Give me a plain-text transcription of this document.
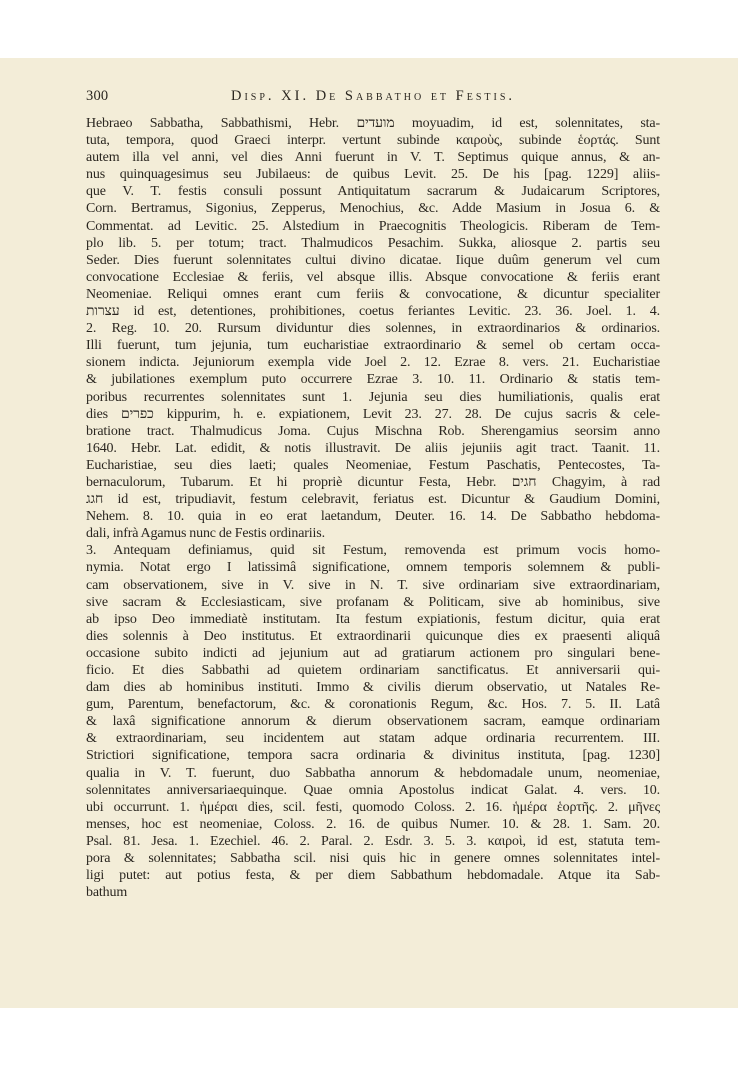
300	Disp. XI. De Sabbatho et Festis.
Hebraeo Sabbatha, Sabbathismi, Hebr. מועדים moyuadim, id est, solennitates, sta-
tuta, tempora, quod Graeci interpr. vertunt subinde καιροὺς, subinde ἑορτάς. Sunt
autem illa vel anni, vel dies Anni fuerunt in V. T. Septimus quique annus, & an-
nus quinquagesimus seu Jubilaeus: de quibus Levit. 25. De his [pag. 1229] aliis-
que V. T. festis consuli possunt Antiquitatum sacrarum & Judaicarum Scriptores,
Corn. Bertramus, Sigonius, Zepperus, Menochius, &c. Adde Masium in Josua 6. &
Commentat. ad Levitic. 25. Alstedium in Praecognitis Theologicis. Riberam de Tem-
plo lib. 5. per totum; tract. Thalmudicos Pesachim. Sukka, aliosque 2. partis seu
Seder. Dies fuerunt solennitates cultui divino dicatae. Iique duûm generum vel cum
convocatione Ecclesiae & feriis, vel absque illis. Absque convocatione & feriis erant
Neomeniae. Reliqui omnes erant cum feriis & convocatione, & dicuntur specialiter
עצרות id est, detentiones, prohibitiones, coetus feriantes Levitic. 23. 36. Joel. 1. 4.
2. Reg. 10. 20. Rursum dividuntur dies solennes, in extraordinarios & ordinarios.
Illi fuerunt, tum jejunia, tum eucharistiae extraordinario & semel ob certam occa-
sionem indicta. Jejuniorum exempla vide Joel 2. 12. Ezrae 8. vers. 21. Eucharistiae
& jubilationes exemplum puto occurrere Ezrae 3. 10. 11. Ordinario & statis tem-
poribus recurrentes solennitates sunt 1. Jejunia seu dies humiliationis, qualis erat
dies כפרים kippurim, h. e. expiationem, Levit 23. 27. 28. De cujus sacris & cele-
bratione tract. Thalmudicus Joma. Cujus Mischna Rob. Sherengamius seorsim anno
1640. Hebr. Lat. edidit, & notis illustravit. De aliis jejuniis agit tract. Taanit. 11.
Eucharistiae, seu dies laeti; quales Neomeniae, Festum Paschatis, Pentecostes, Ta-
bernaculorum, Tubarum. Et hi propriè dicuntur Festa, Hebr. חגים Chagyim, à rad
חגג id est, tripudiavit, festum celebravit, feriatus est. Dicuntur & Gaudium Domini,
Nehem. 8. 10. quia in eo erat laetandum, Deuter. 16. 14. De Sabbatho hebdoma-
dali, infrà Agamus nunc de Festis ordinariis.
3. Antequam definiamus, quid sit Festum, removenda est primum vocis homo-
nymia. Notat ergo I latissimâ significatione, omnem temporis solemnem & publi-
cam observationem, sive in V. sive in N. T. sive ordinariam sive extraordinariam,
sive sacram & Ecclesiasticam, sive profanam & Politicam, sive ab hominibus, sive
ab ipso Deo immediatè institutam. Ita festum expiationis, festum dicitur, quia erat
dies solennis à Deo institutus. Et extraordinarii quicunque dies ex praesenti aliquâ
occasione subito indicti ad jejunium aut ad gratiarum actionem pro singulari bene-
ficio. Et dies Sabbathi ad quietem ordinariam sanctificatus. Et anniversarii qui-
dam dies ab hominibus instituti. Immo & civilis dierum observatio, ut Natales Re-
gum, Parentum, benefactorum, &c. & coronationis Regum, &c. Hos. 7. 5. II. Latâ
& laxâ significatione annorum & dierum observationem sacram, eamque ordinariam
& extraordinariam, seu incidentem aut statam adque ordinaria recurrentem. III.
Strictiori significatione, tempora sacra ordinaria & divinitus instituta, [pag. 1230]
qualia in V. T. fuerunt, duo Sabbatha annorum & hebdomadale unum, neomeniae,
solennitates anniversariaequinque. Quae omnia Apostolus indicat Galat. 4. vers. 10.
ubi occurrunt. 1. ἡμέραι dies, scil. festi, quomodo Coloss. 2. 16. ἡμέρα ἑορτῆς. 2. μῆνες
menses, hoc est neomeniae, Coloss. 2. 16. de quibus Numer. 10. & 28. 1. Sam. 20.
Psal. 81. Jesa. 1. Ezechiel. 46. 2. Paral. 2. Esdr. 3. 5. 3. καιροὶ, id est, statuta tem-
pora & solennitates; Sabbatha scil. nisi quis hic in genere omnes solennitates intel-
ligi putet: aut potius festa, & per diem Sabbathum hebdomadale. Atque ita Sab-
bathum
